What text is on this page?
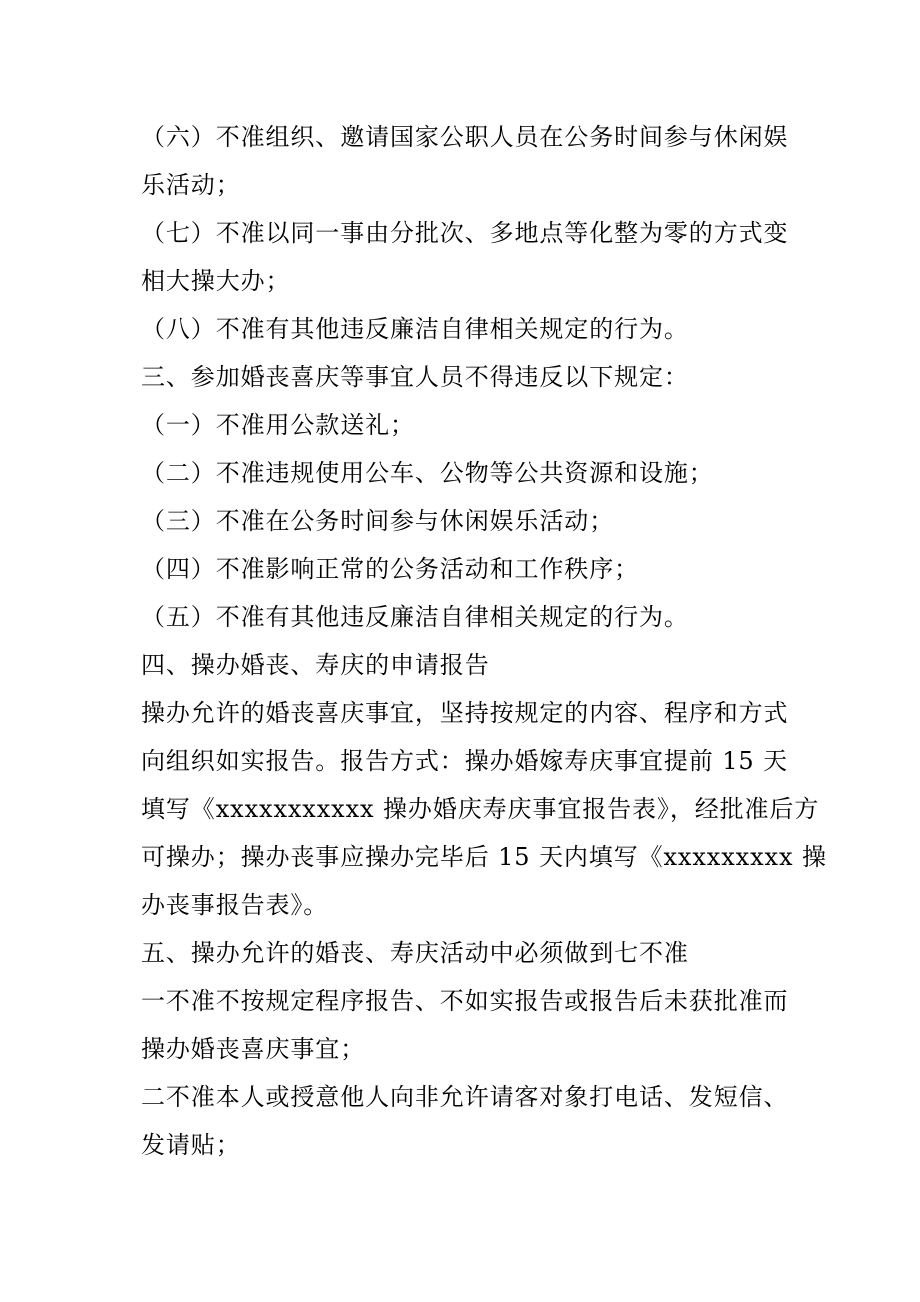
（六）不准组织、邀请国家公职人员在公务时间参与休闲娱

乐活动；

（七）不准以同一事由分批次、多地点等化整为零的方式变

相大操大办；

（八）不准有其他违反廉洁自律相关规定的行为。

三、参加婚丧喜庆等事宜人员不得违反以下规定：

（一）不准用公款送礼；

（二）不准违规使用公车、公物等公共资源和设施；

（三）不准在公务时间参与休闲娱乐活动；

（四）不准影响正常的公务活动和工作秩序；

（五）不准有其他违反廉洁自律相关规定的行为。

四、操办婚丧、寿庆的申请报告

操办允许的婚丧喜庆事宜，坚持按规定的内容、程序和方式

向组织如实报告。报告方式：操办婚嫁寿庆事宜提前 15 天

填写《xxxxxxxxxxx 操办婚庆寿庆事宜报告表》，经批准后方

可操办；操办丧事应操办完毕后 15 天内填写《xxxxxxxxx 操

办丧事报告表》。

五、操办允许的婚丧、寿庆活动中必须做到七不准

一不准不按规定程序报告、不如实报告或报告后未获批准而

操办婚丧喜庆事宜；

二不准本人或授意他人向非允许请客对象打电话、发短信、

发请贴；
